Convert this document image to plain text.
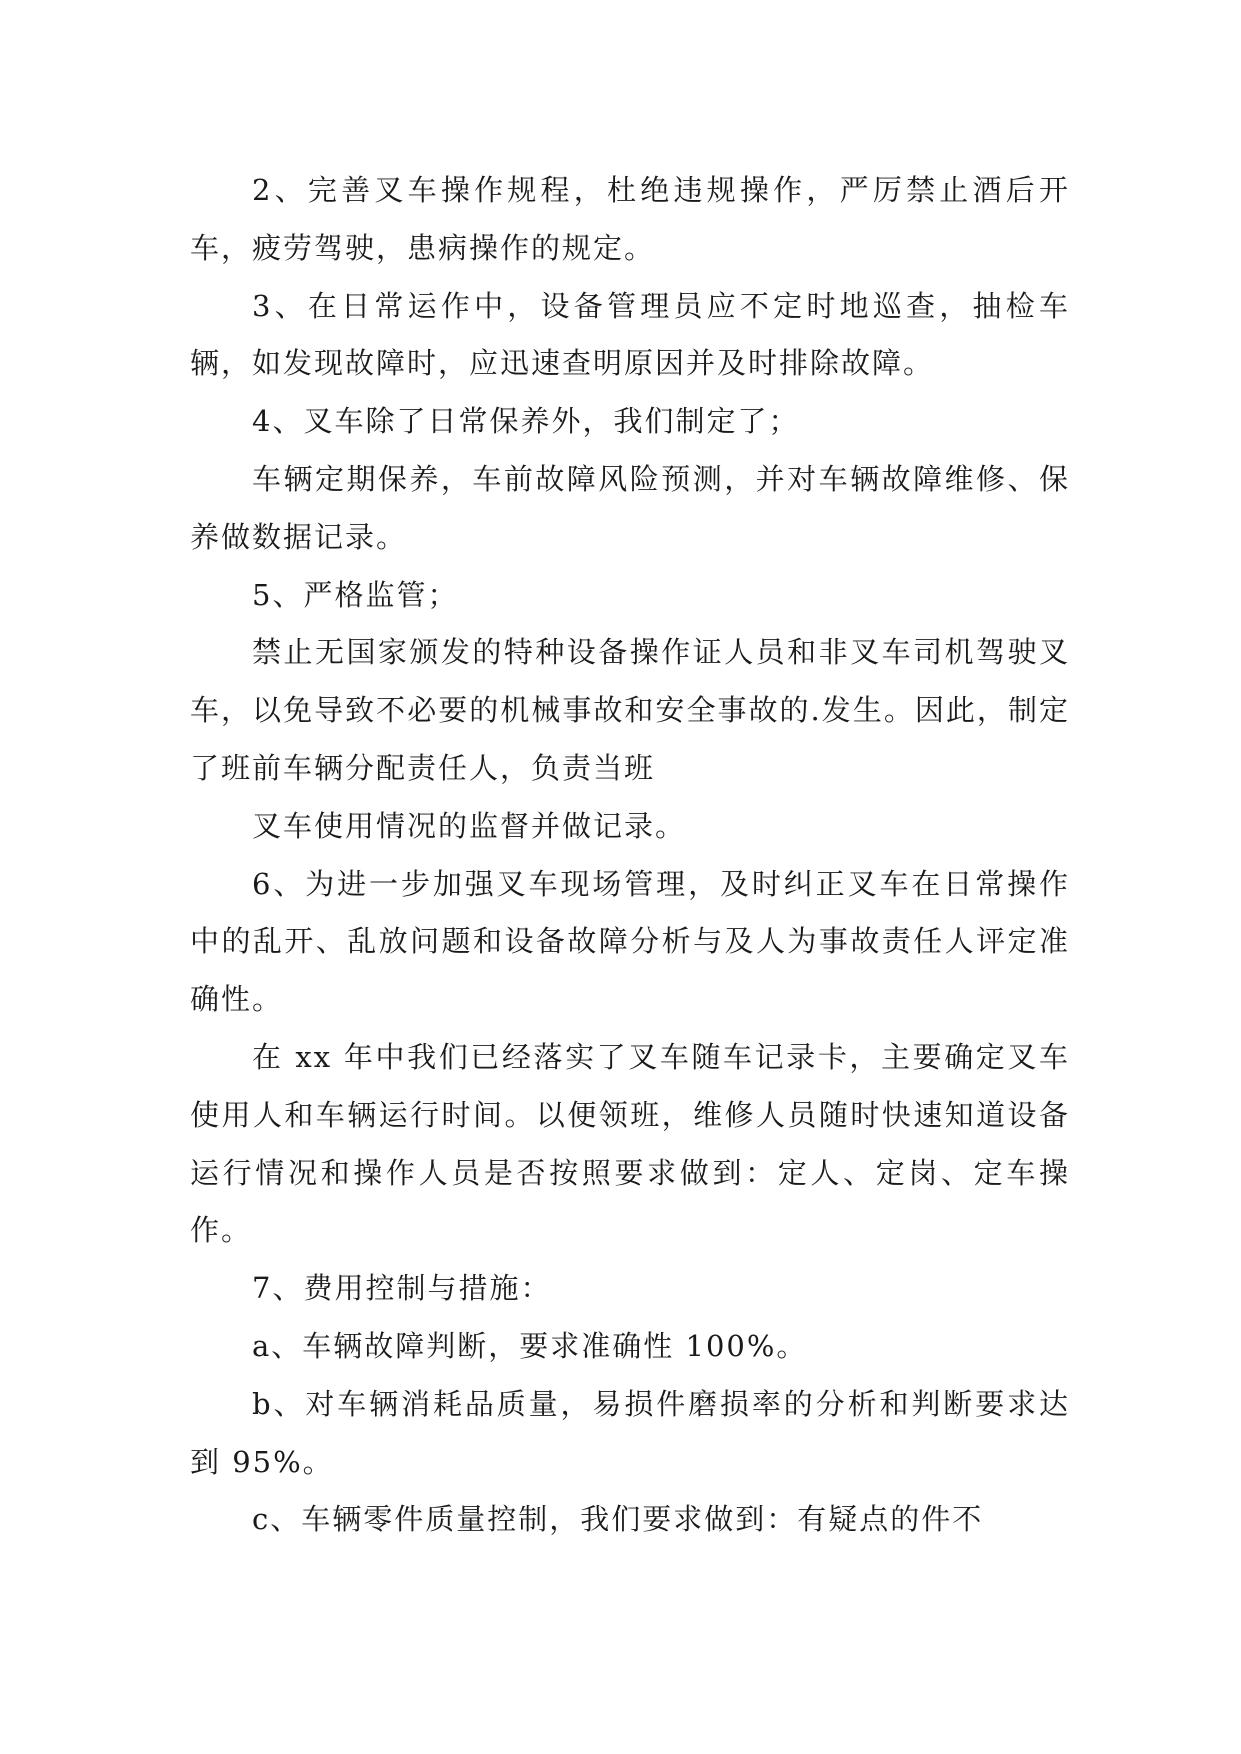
2、完善叉车操作规程，杜绝违规操作，严厉禁止酒后开车，疲劳驾驶，患病操作的规定。

3、在日常运作中，设备管理员应不定时地巡查，抽检车辆，如发现故障时，应迅速查明原因并及时排除故障。

4、叉车除了日常保养外，我们制定了；

车辆定期保养，车前故障风险预测，并对车辆故障维修、保养做数据记录。

5、严格监管；

禁止无国家颁发的特种设备操作证人员和非叉车司机驾驶叉车，以免导致不必要的机械事故和安全事故的.发生。因此，制定了班前车辆分配责任人，负责当班

叉车使用情况的监督并做记录。

6、为进一步加强叉车现场管理，及时纠正叉车在日常操作中的乱开、乱放问题和设备故障分析与及人为事故责任人评定准确性。

在 xx 年中我们已经落实了叉车随车记录卡，主要确定叉车使用人和车辆运行时间。以便领班，维修人员随时快速知道设备运行情况和操作人员是否按照要求做到：定人、定岗、定车操作。

7、费用控制与措施：

a、车辆故障判断，要求准确性 100%。

b、对车辆消耗品质量，易损件磨损率的分析和判断要求达到 95%。

c、车辆零件质量控制，我们要求做到：有疑点的件不
